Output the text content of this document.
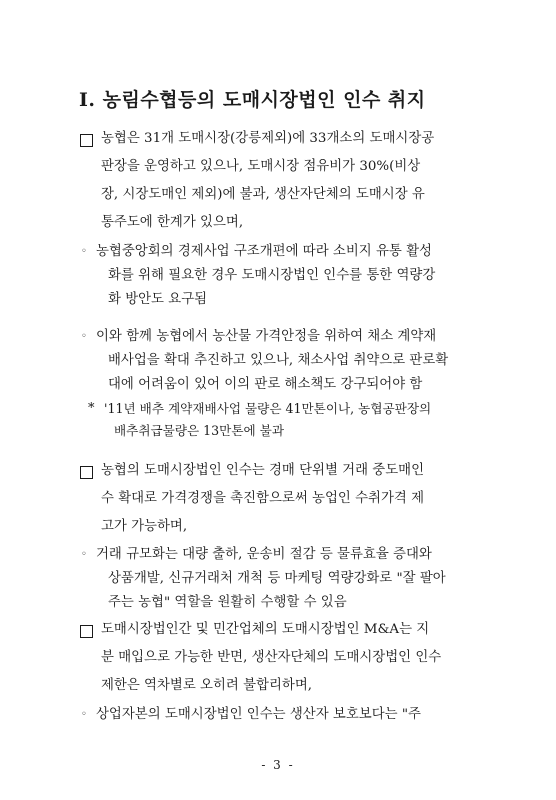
Ⅰ. 농림수협등의 도매시장법인 인수 취지
농협은 31개 도매시장(강릉제외)에 33개소의 도매시장공
판장을 운영하고 있으나, 도매시장 점유비가 30%(비상
장, 시장도매인 제외)에 불과, 생산자단체의 도매시장 유
통주도에 한계가 있으며,
◦ 농협중앙회의 경제사업 구조개편에 따라 소비지 유통 활성
화를 위해 필요한 경우 도매시장법인 인수를 통한 역량강
화 방안도 요구됨
◦ 이와 함께 농협에서 농산물 가격안정을 위하여 채소 계약재
배사업을 확대 추진하고 있으나, 채소사업 취약으로 판로확
대에 어려움이 있어 이의 판로 해소책도 강구되어야 함
* '11년 배추 계약재배사업 물량은 41만톤이나, 농협공판장의
배추취급물량은 13만톤에 불과
농협의 도매시장법인 인수는 경매 단위별 거래 중도매인
수 확대로 가격경쟁을 촉진함으로써 농업인 수취가격 제
고가 가능하며,
◦ 거래 규모화는 대량 출하, 운송비 절감 등 물류효율 증대와
상품개발, 신규거래처 개척 등 마케팅 역량강화로 "잘 팔아
주는 농협" 역할을 원활히 수행할 수 있음
도매시장법인간 및 민간업체의 도매시장법인 M&A는 지
분 매입으로 가능한 반면, 생산자단체의 도매시장법인 인수
제한은 역차별로 오히려 불합리하며,
◦ 상업자본의 도매시장법인 인수는 생산자 보호보다는 "주
- 3 -
